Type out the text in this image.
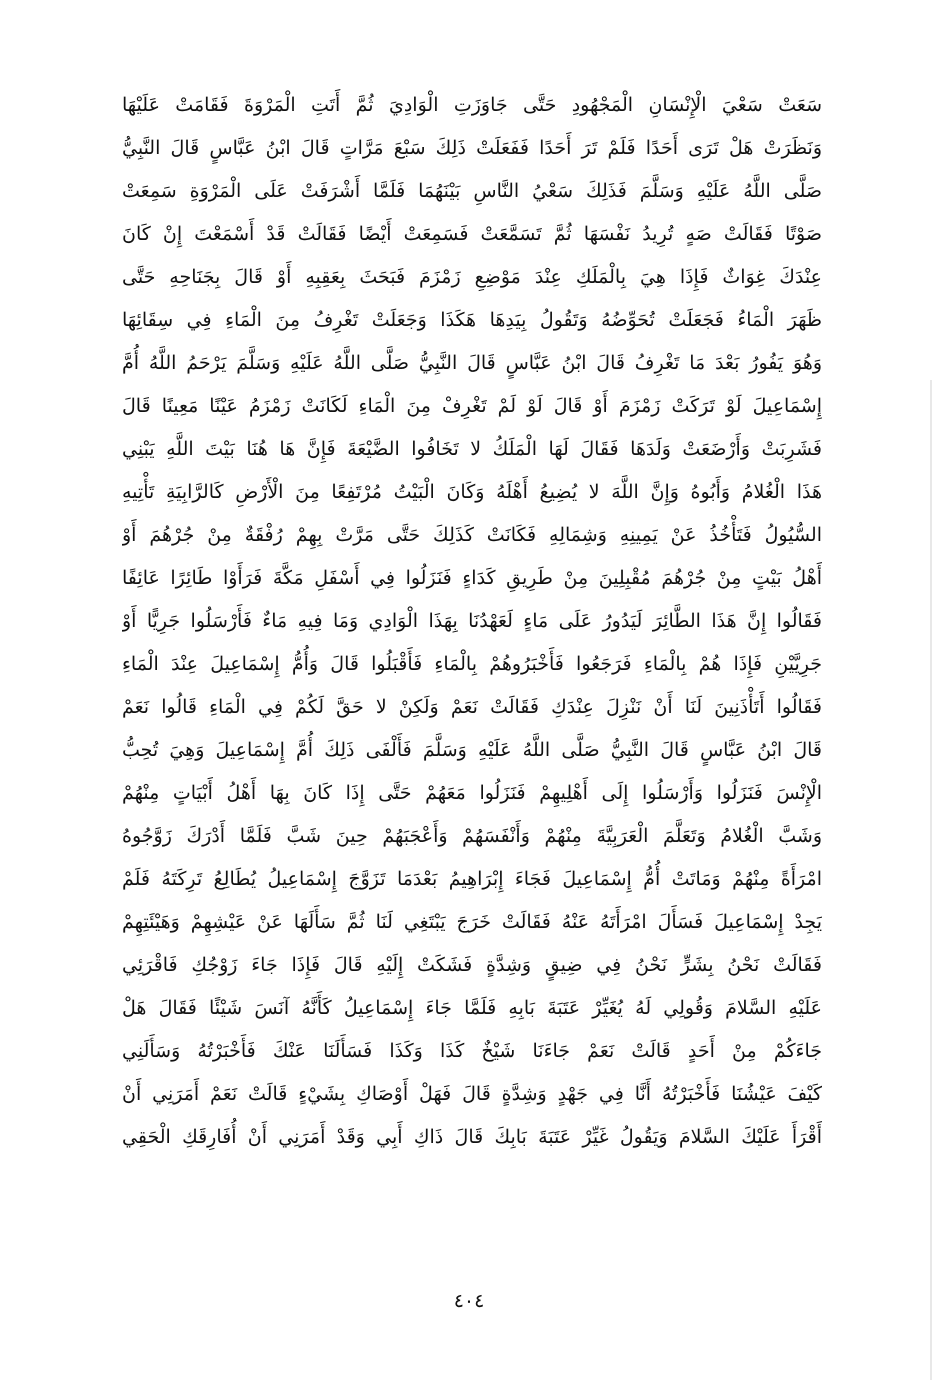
سَعَتْ سَعْيَ الْإِنْسَانِ الْمَجْهُودِ حَتَّى جَاوَزَتِ الْوَادِيَ ثُمَّ أَتَتِ الْمَرْوَةَ فَقَامَتْ عَلَيْهَا
وَنَظَرَتْ هَلْ تَرَى أَحَدًا فَلَمْ تَرَ أَحَدًا فَفَعَلَتْ ذَلِكَ سَبْعَ مَرَّاتٍ قَالَ ابْنُ عَبَّاسٍ قَالَ النَّبِيُّ
صَلَّى اللَّهُ عَلَيْهِ وَسَلَّمَ فَذَلِكَ سَعْيُ النَّاسِ بَيْنَهُمَا فَلَمَّا أَشْرَفَتْ عَلَى الْمَرْوَةِ سَمِعَتْ
صَوْتًا فَقَالَتْ صَهٍ تُرِيدُ نَفْسَهَا ثُمَّ تَسَمَّعَتْ فَسَمِعَتْ أَيْضًا فَقَالَتْ قَدْ أَسْمَعْتَ إِنْ كَانَ
عِنْدَكَ غِوَاثٌ فَإِذَا هِيَ بِالْمَلَكِ عِنْدَ مَوْضِعِ زَمْزَمَ فَبَحَثَ بِعَقِبِهِ أَوْ قَالَ بِجَنَاحِهِ حَتَّى
ظَهَرَ الْمَاءُ فَجَعَلَتْ تُحَوِّضُهُ وَتَقُولُ بِيَدِهَا هَكَذَا وَجَعَلَتْ تَغْرِفُ مِنَ الْمَاءِ فِي سِقَائِهَا
وَهُوَ يَفُورُ بَعْدَ مَا تَغْرِفُ قَالَ ابْنُ عَبَّاسٍ قَالَ النَّبِيُّ صَلَّى اللَّهُ عَلَيْهِ وَسَلَّمَ يَرْحَمُ اللَّهُ أُمَّ
إِسْمَاعِيلَ لَوْ تَرَكَتْ زَمْزَمَ أَوْ قَالَ لَوْ لَمْ تَغْرِفْ مِنَ الْمَاءِ لَكَانَتْ زَمْزَمُ عَيْنًا مَعِينًا قَالَ
فَشَرِبَتْ وَأَرْضَعَتْ وَلَدَهَا فَقَالَ لَهَا الْمَلَكُ لا تَخَافُوا الضَّيْعَةَ فَإِنَّ هَا هُنَا بَيْتَ اللَّهِ يَبْنِي
هَذَا الْغُلامُ وَأَبُوهُ وَإِنَّ اللَّهَ لا يُضِيعُ أَهْلَهُ وَكَانَ الْبَيْتُ مُرْتَفِعًا مِنَ الْأَرْضِ كَالرَّابِيَةِ تَأْتِيهِ
السُّيُولُ فَتَأْخُذُ عَنْ يَمِينِهِ وَشِمَالِهِ فَكَانَتْ كَذَلِكَ حَتَّى مَرَّتْ بِهِمْ رُفْقَةٌ مِنْ جُرْهُمَ أَوْ
أَهْلُ بَيْتٍ مِنْ جُرْهُمَ مُقْبِلِينَ مِنْ طَرِيقِ كَدَاءٍ فَنَزَلُوا فِي أَسْفَلِ مَكَّةَ فَرَأَوْا طَائِرًا عَائِفًا
فَقَالُوا إِنَّ هَذَا الطَّائِرَ لَيَدُورُ عَلَى مَاءٍ لَعَهْدُنَا بِهَذَا الْوَادِي وَمَا فِيهِ مَاءٌ فَأَرْسَلُوا جَرِيًّا أَوْ
جَرِيَّيْنِ فَإِذَا هُمْ بِالْمَاءِ فَرَجَعُوا فَأَخْبَرُوهُمْ بِالْمَاءِ فَأَقْبَلُوا قَالَ وَأُمُّ إِسْمَاعِيلَ عِنْدَ الْمَاءِ
فَقَالُوا أَتَأْذَنِينَ لَنَا أَنْ نَنْزِلَ عِنْدَكِ فَقَالَتْ نَعَمْ وَلَكِنْ لا حَقَّ لَكُمْ فِي الْمَاءِ قَالُوا نَعَمْ
قَالَ ابْنُ عَبَّاسٍ قَالَ النَّبِيُّ صَلَّى اللَّهُ عَلَيْهِ وَسَلَّمَ فَأَلْفَى ذَلِكَ أُمَّ إِسْمَاعِيلَ وَهِيَ تُحِبُّ
الْإِنْسَ فَنَزَلُوا وَأَرْسَلُوا إِلَى أَهْلِيهِمْ فَنَزَلُوا مَعَهُمْ حَتَّى إِذَا كَانَ بِهَا أَهْلُ أَبْيَاتٍ مِنْهُمْ
وَشَبَّ الْغُلامُ وَتَعَلَّمَ الْعَرَبِيَّةَ مِنْهُمْ وَأَنْفَسَهُمْ وَأَعْجَبَهُمْ حِينَ شَبَّ فَلَمَّا أَدْرَكَ زَوَّجُوهُ
امْرَأَةً مِنْهُمْ وَمَاتَتْ أُمُّ إِسْمَاعِيلَ فَجَاءَ إِبْرَاهِيمُ بَعْدَمَا تَزَوَّجَ إِسْمَاعِيلُ يُطَالِعُ تَرِكَتَهُ فَلَمْ
يَجِدْ إِسْمَاعِيلَ فَسَأَلَ امْرَأَتَهُ عَنْهُ فَقَالَتْ خَرَجَ يَبْتَغِي لَنَا ثُمَّ سَأَلَهَا عَنْ عَيْشِهِمْ وَهَيْئَتِهِمْ
فَقَالَتْ نَحْنُ بِشَرٍّ نَحْنُ فِي ضِيقٍ وَشِدَّةٍ فَشَكَتْ إِلَيْهِ قَالَ فَإِذَا جَاءَ زَوْجُكِ فَاقْرَئِي
عَلَيْهِ السَّلامَ وَقُولِي لَهُ يُغَيِّرْ عَتَبَةَ بَابِهِ فَلَمَّا جَاءَ إِسْمَاعِيلُ كَأَنَّهُ آنَسَ شَيْئًا فَقَالَ هَلْ
جَاءَكُمْ مِنْ أَحَدٍ قَالَتْ نَعَمْ جَاءَنَا شَيْخٌ كَذَا وَكَذَا فَسَأَلَنَا عَنْكَ فَأَخْبَرْتُهُ وَسَأَلَنِي
كَيْفَ عَيْشُنَا فَأَخْبَرْتُهُ أَنَّا فِي جَهْدٍ وَشِدَّةٍ قَالَ فَهَلْ أَوْصَاكِ بِشَيْءٍ قَالَتْ نَعَمْ أَمَرَنِي أَنْ
أَقْرَأَ عَلَيْكَ السَّلامَ وَيَقُولُ غَيِّرْ عَتَبَةَ بَابِكَ قَالَ ذَاكِ أَبِي وَقَدْ أَمَرَنِي أَنْ أُفَارِقَكِ الْحَقِي
٤٠٤
